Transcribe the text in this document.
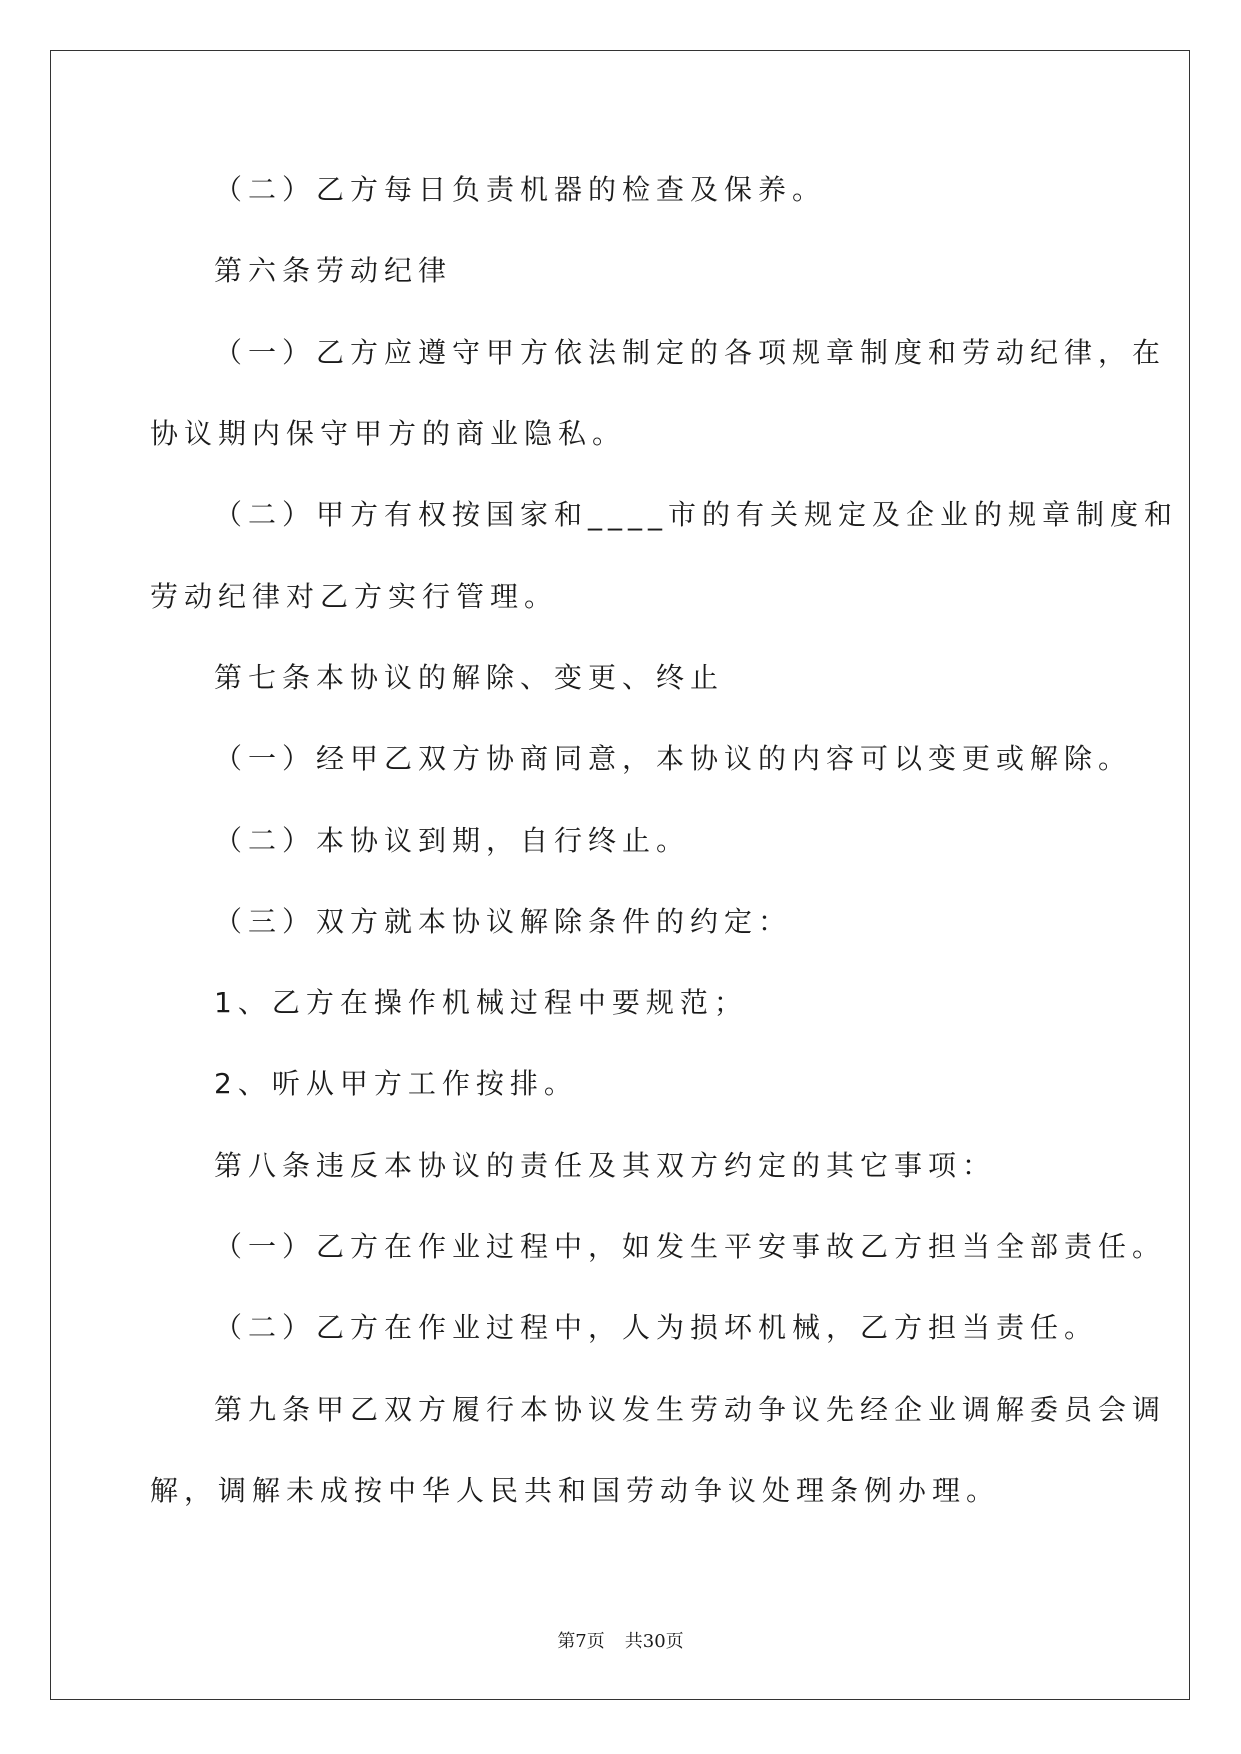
（二）乙方每日负责机器的检查及保养。

第六条劳动纪律

（一）乙方应遵守甲方依法制定的各项规章制度和劳动纪律，在

协议期内保守甲方的商业隐私。

（二）甲方有权按国家和____市的有关规定及企业的规章制度和

劳动纪律对乙方实行管理。

第七条本协议的解除、变更、终止

（一）经甲乙双方协商同意，本协议的内容可以变更或解除。

（二）本协议到期，自行终止。

（三）双方就本协议解除条件的约定：

1、乙方在操作机械过程中要规范；

2、听从甲方工作按排。

第八条违反本协议的责任及其双方约定的其它事项：

（一）乙方在作业过程中，如发生平安事故乙方担当全部责任。

（二）乙方在作业过程中，人为损坏机械，乙方担当责任。

第九条甲乙双方履行本协议发生劳动争议先经企业调解委员会调

解，调解未成按中华人民共和国劳动争议处理条例办理。

第7页 共30页
